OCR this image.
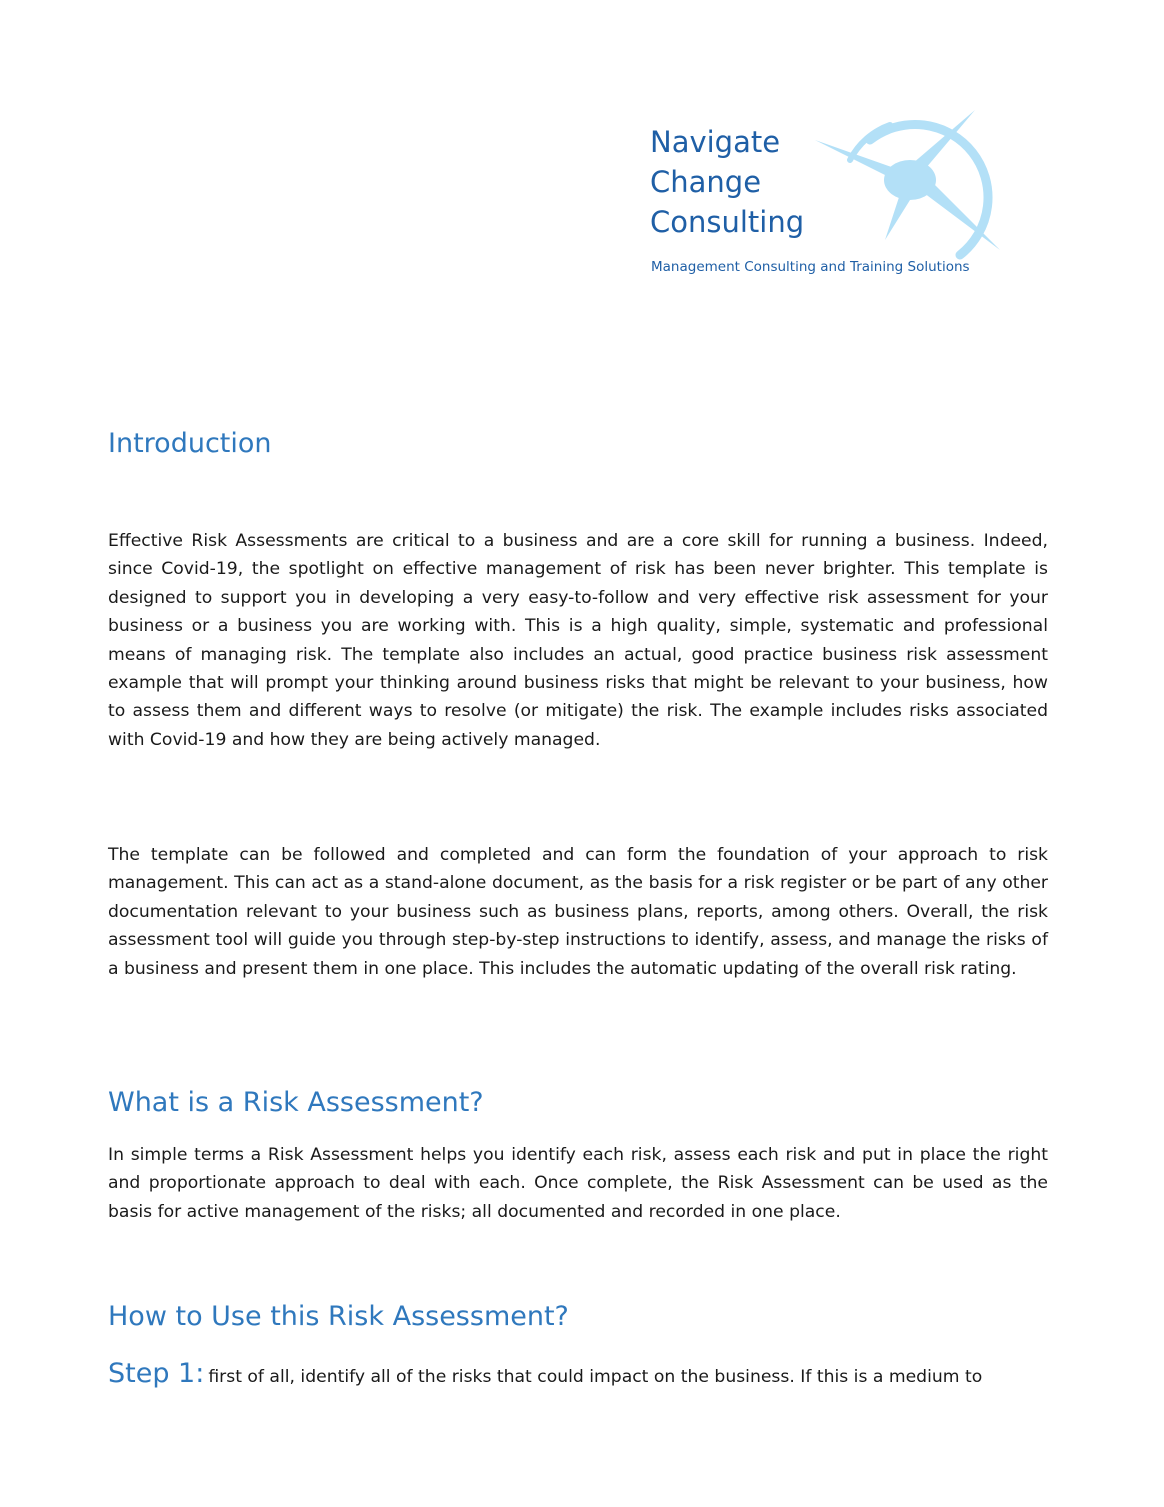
Navigate
Change
Consulting
Management Consulting and Training Solutions
Introduction

Effective Risk Assessments are critical to a business and are a core skill for running a business. Indeed, since Covid-19, the spotlight on effective management of risk has been never brighter. This template is designed to support you in developing a very easy-to-follow and very effective risk assessment for your business or a business you are working with. This is a high quality, simple, systematic and professional means of managing risk. The template also includes an actual, good practice business risk assessment example that will prompt your thinking around business risks that might be relevant to your business, how to assess them and different ways to resolve (or mitigate) the risk. The example includes risks associated with Covid-19 and how they are being actively managed.

The template can be followed and completed and can form the foundation of your approach to risk management. This can act as a stand-alone document, as the basis for a risk register or be part of any other documentation relevant to your business such as business plans, reports, among others. Overall, the risk assessment tool will guide you through step-by-step instructions to identify, assess, and manage the risks of a business and present them in one place. This includes the automatic updating of the overall risk rating.

What is a Risk Assessment?

In simple terms a Risk Assessment helps you identify each risk, assess each risk and put in place the right and proportionate approach to deal with each. Once complete, the Risk Assessment can be used as the basis for active management of the risks; all documented and recorded in one place.

How to Use this Risk Assessment?
Step 1: first of all, identify all of the risks that could impact on the business. If this is a medium to
